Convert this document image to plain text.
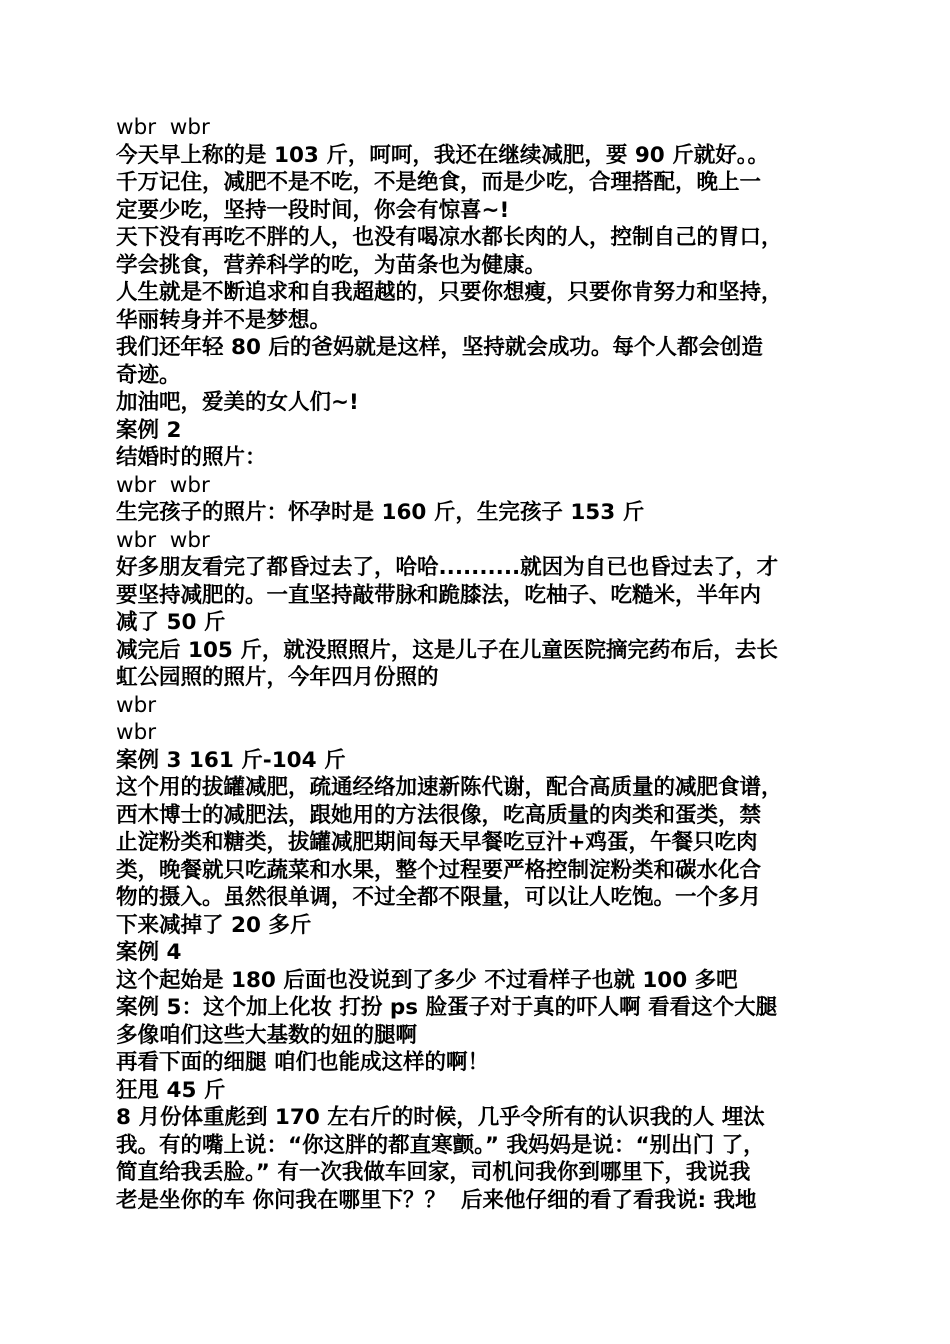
wbr  wbr
今天早上称的是 103 斤，呵呵，我还在继续减肥，要 90 斤就好。。
千万记住，减肥不是不吃，不是绝食，而是少吃，合理搭配，晚上一
定要少吃，坚持一段时间，你会有惊喜~!
天下没有再吃不胖的人，也没有喝凉水都长肉的人，控制自己的胃口，
学会挑食，营养科学的吃，为苗条也为健康。
人生就是不断追求和自我超越的，只要你想瘦，只要你肯努力和坚持，
华丽转身并不是梦想。
我们还年轻 80 后的爸妈就是这样，坚持就会成功。每个人都会创造
奇迹。
加油吧，爱美的女人们~!
案例 2
结婚时的照片：
wbr  wbr
生完孩子的照片：怀孕时是 160 斤，生完孩子 153 斤
wbr  wbr
好多朋友看完了都昏过去了，哈哈..........就因为自已也昏过去了，才
要坚持减肥的。一直坚持敲带脉和跪膝法，吃柚子、吃糙米，半年内
减了 50 斤
减完后 105 斤，就没照照片，这是儿子在儿童医院摘完药布后，去长
虹公园照的照片，今年四月份照的
wbr
wbr
案例 3 161 斤-104 斤
这个用的拔罐减肥，疏通经络加速新陈代谢，配合高质量的减肥食谱，
西木博士的减肥法，跟她用的方法很像，吃高质量的肉类和蛋类，禁
止淀粉类和糖类，拔罐减肥期间每天早餐吃豆汁+鸡蛋，午餐只吃肉
类，晚餐就只吃蔬菜和水果，整个过程要严格控制淀粉类和碳水化合
物的摄入。虽然很单调，不过全都不限量，可以让人吃饱。一个多月
下来减掉了 20 多斤
案例 4
这个起始是 180 后面也没说到了多少 不过看样子也就 100 多吧
案例 5：这个加上化妆 打扮 ps 脸蛋子对于真的吓人啊 看看这个大腿
多像咱们这些大基数的妞的腿啊
再看下面的细腿 咱们也能成这样的啊！
狂甩 45 斤
8 月份体重彪到 170 左右斤的时候，几乎令所有的认识我的人 埋汰
我。有的嘴上说：“你这胖的都直寒颤。” 我妈妈是说：“别出门 了，
简直给我丢脸。” 有一次我做车回家，司机问我你到哪里下，我说我
老是坐你的车 你问我在哪里下？？  后来他仔细的看了看我说: 我地
